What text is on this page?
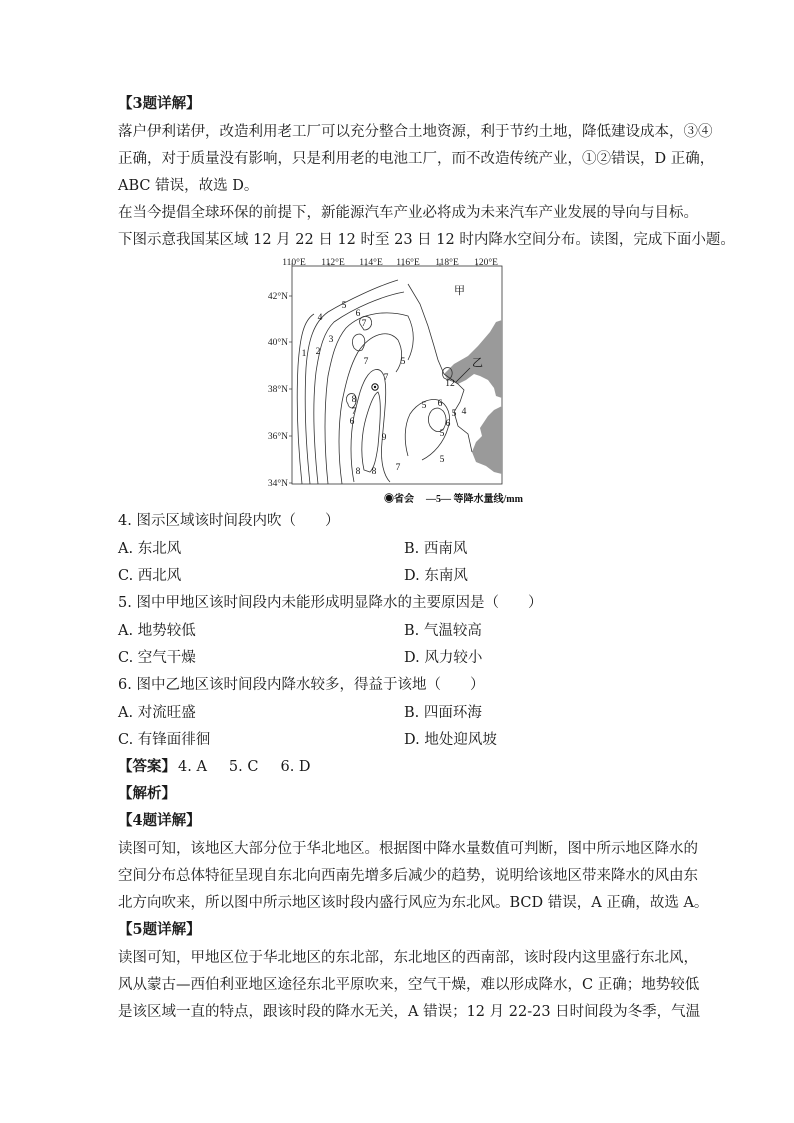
【3题详解】
落户伊利诺伊，改造利用老工厂可以充分整合土地资源，利于节约土地，降低建设成本，③④
正确，对于质量没有影响，只是利用老的电池工厂，而不改造传统产业，①②错误，D 正确，
ABC 错误，故选 D。
在当今提倡全球环保的前提下，新能源汽车产业必将成为未来汽车产业发展的导向与目标。
下图示意我国某区域 12 月 22 日 12 时至 23 日 12 时内降水空间分布。读图，完成下面小题。
110°E 112°E 114°E 116°E 118°E 120°E
42°N
40°N
38°N
36°N
34°N
5
4	6
7
3
2
1
7	5
7
8
7
9
6
8	7
8
5
5
12
6
5 4
6
5
甲
乙
◉省会 —5— 等降水量线/mm
4. 图示区域该时间段内吹（　　）
A. 东北风	B. 西南风
C. 西北风	D. 东南风
5. 图中甲地区该时间段内未能形成明显降水的主要原因是（　　）
A. 地势较低	B. 气温较高
C. 空气干燥	D. 风力较小
6. 图中乙地区该时间段内降水较多，得益于该地（　　）
A. 对流旺盛	B. 四面环海
C. 有锋面徘徊	D. 地处迎风坡
【答案】 4. A 5. C 6. D
【解析】
【4题详解】
读图可知，该地区大部分位于华北地区。根据图中降水量数值可判断，图中所示地区降水的
空间分布总体特征呈现自东北向西南先增多后减少的趋势，说明给该地区带来降水的风由东
北方向吹来，所以图中所示地区该时段内盛行风应为东北风。BCD 错误，A 正确，故选 A。
【5题详解】
读图可知，甲地区位于华北地区的东北部，东北地区的西南部，该时段内这里盛行东北风，
风从蒙古—西伯利亚地区途径东北平原吹来，空气干燥，难以形成降水，C 正确；地势较低
是该区域一直的特点，跟该时段的降水无关，A 错误；12 月 22-23 日时间段为冬季，气温
